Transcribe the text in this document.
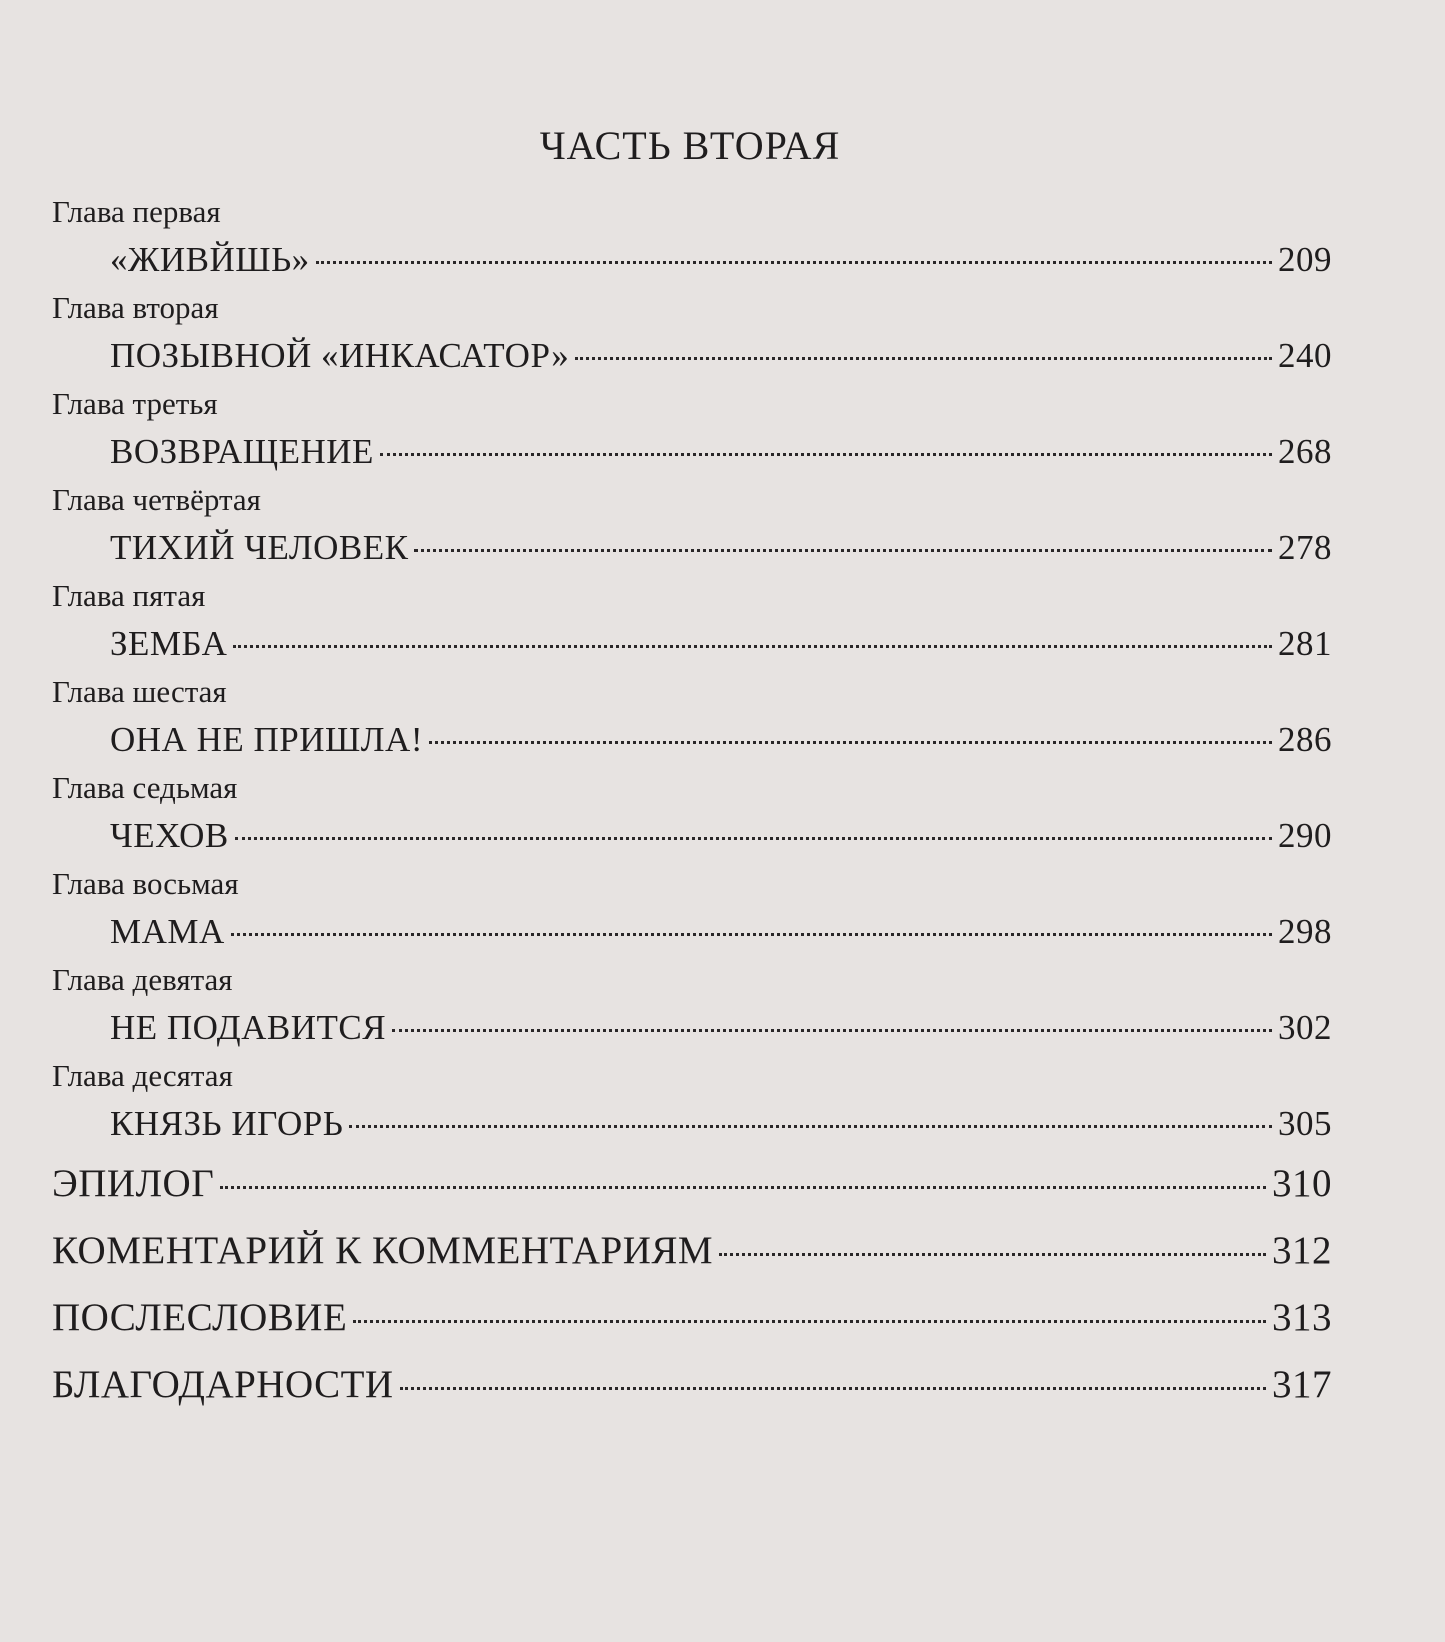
ЧАСТЬ ВТОРАЯ
Глава первая
«ЖИВЙШЬ»	209
Глава вторая
ПОЗЫВНОЙ «ИНКАСАТОР»	240
Глава третья
ВОЗВРАЩЕНИЕ	268
Глава четвёртая
ТИХИЙ ЧЕЛОВЕК	278
Глава пятая
ЗЕМБА	281
Глава шестая
ОНА НЕ ПРИШЛА!	286
Глава седьмая
ЧЕХОВ	290
Глава восьмая
МАМА	298
Глава девятая
НЕ ПОДАВИТСЯ	302
Глава десятая
КНЯЗЬ ИГОРЬ	305
ЭПИЛОГ	310
КОМЕНТАРИЙ К КОММЕНТАРИЯМ	312
ПОСЛЕСЛОВИЕ	313
БЛАГОДАРНОСТИ	317
